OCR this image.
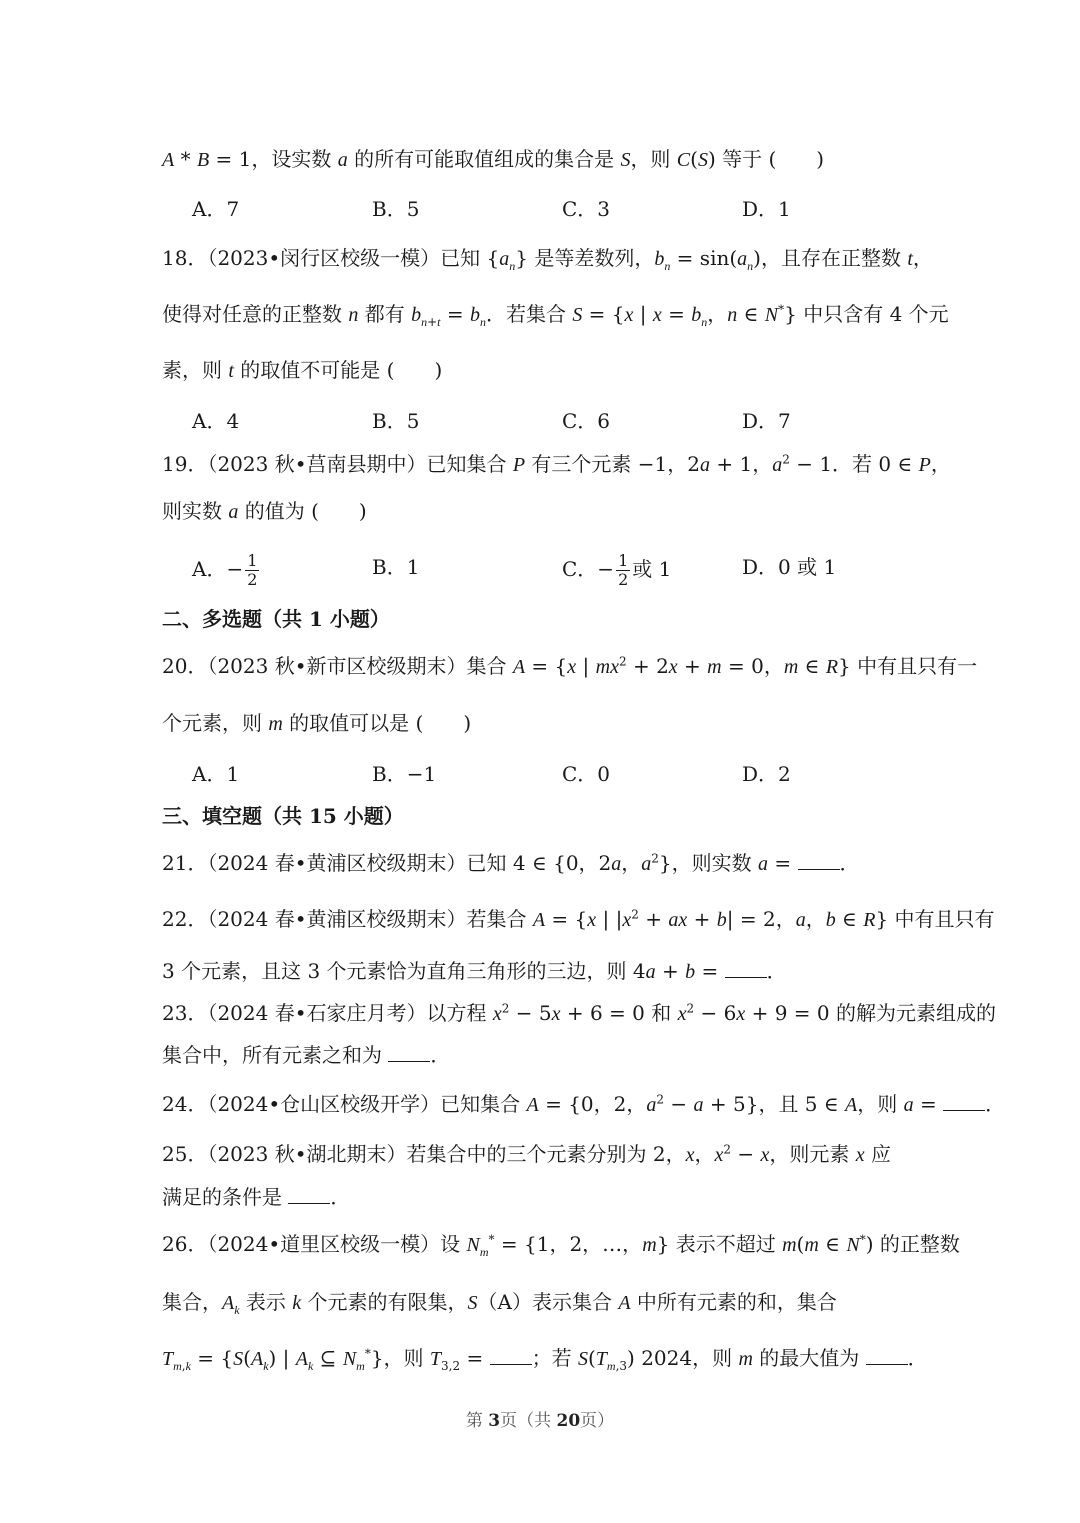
A * B = 1，设实数 a 的所有可能取值组成的集合是 S，则 C(S) 等于 (　　)
A．7	B．5	C．3	D．1
18．（2023•闵行区校级一模）已知 $\{a_n\}$ 是等差数列，$b_n = \sin(a_n)$，且存在正整数 t，
使得对任意的正整数 n 都有 $b_{n+t} = b_n$．若集合 S = {x | $x = b_n$，n ∈ N*} 中只含有 4 个元
素，则 t 的取值不可能是 (　　)
A．4	B．5	C．6	D．7
19．（2023 秋•莒南县期中）已知集合 P 有三个元素 −1，2a + 1，$a^2 - 1$．若 0 ∈ P，
则实数 a 的值为 (　　)
A．− $\frac{1}{2}$	B．1	C．− $\frac{1}{2}$ 或 1	D．0 或 1
二、多选题（共 1 小题）
20．（2023 秋•新市区校级期末）集合 A = {x | $mx^2 + 2x + m = 0$，m ∈ R} 中有且只有一
个元素，则 m 的取值可以是 (　　)
A．1	B．−1	C．0	D．2
三、填空题（共 15 小题）
21．（2024 春•黄浦区校级期末）已知 4 ∈ {0，2a，$a^2$}，则实数 a = ．
22．（2024 春•黄浦区校级期末）若集合 A = {x | $|x^2$ + ax + b| = 2，a，b ∈ R} 中有且只有
3 个元素，且这 3 个元素恰为直角三角形的三边，则 4a + b = ．
23．（2024 春•石家庄月考）以方程 $x^2 - 5x + 6 = 0$ 和 $x^2 - 6x + 9 = 0$ 的解为元素组成的
集合中，所有元素之和为 ．
24．（2024•仓山区校级开学）已知集合 A = {0，2，$a^2 - a + 5$}，且 5 ∈ A，则 a = ．
25．（2023 秋•湖北期末）若集合中的三个元素分别为 2，x，$x^2 - x$，则元素 x 应
满足的条件是 ．
26．（2024•道里区校级一模）设 $N_m^* = \{1$，2，…，m} 表示不超过 m(m ∈ N*) 的正整数
集合，$A_k$ 表示 k 个元素的有限集，S（A）表示集合 A 中所有元素的和，集合
$T_{m,k} = \{S(A_k)$ | $A_k$ ⊆ $N_m^*$}，则 $T_{3,2}$ = ；若 $S(T_{m,3})$ 2024，则 m 的最大值为 ．
第 3页（共 20页）
